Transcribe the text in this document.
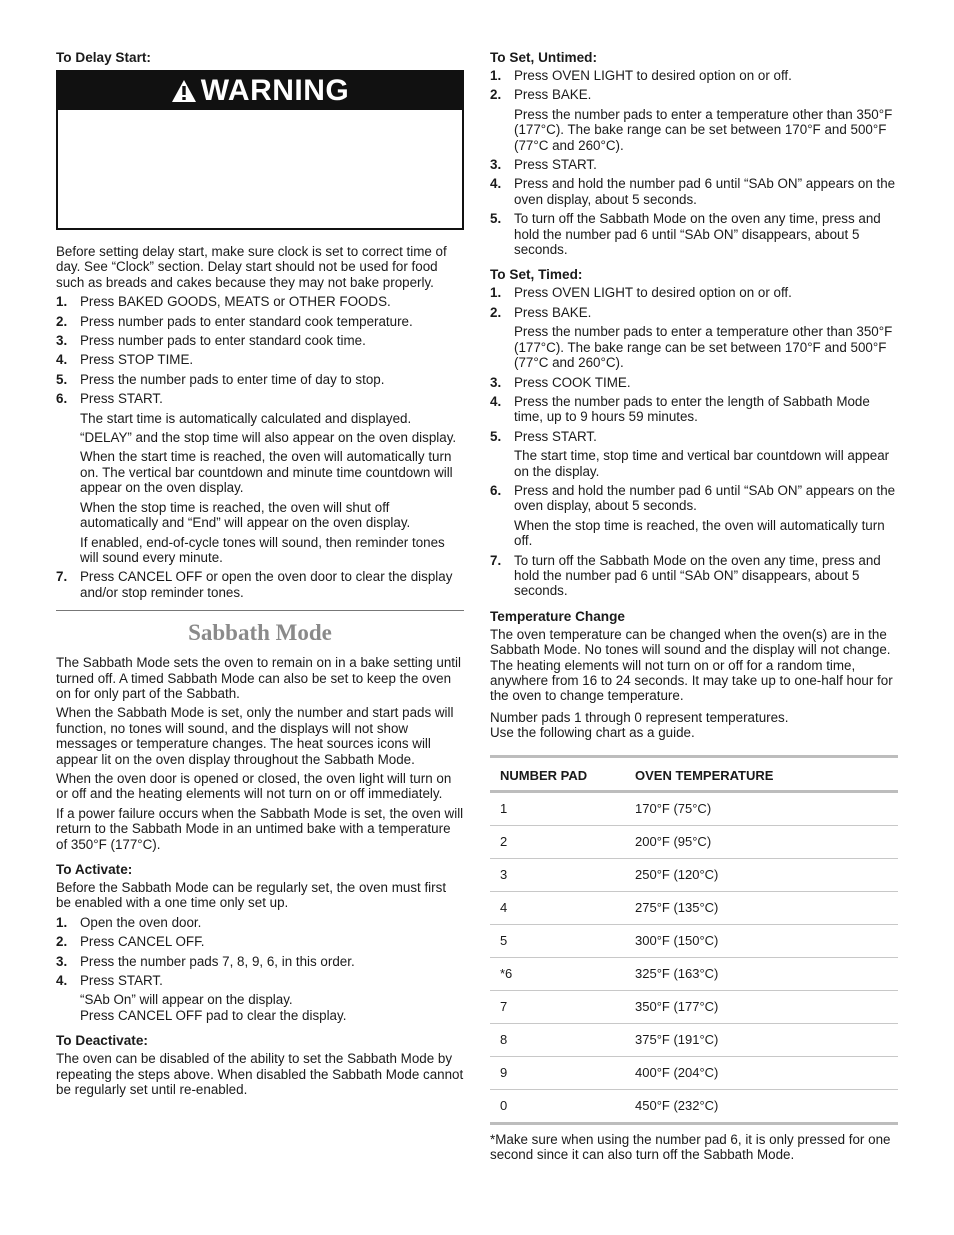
To Delay Start:
WARNING

Before setting delay start, make sure clock is set to correct time of day. See “Clock” section. Delay start should not be used for food such as breads and cakes because they may not bake properly.

1. Press BAKED GOODS, MEATS or OTHER FOODS.
2. Press number pads to enter standard cook temperature.
3. Press number pads to enter standard cook time.
4. Press STOP TIME.
5. Press the number pads to enter time of day to stop.
6. Press START.

The start time is automatically calculated and displayed.

“DELAY” and the stop time will also appear on the oven display.

When the start time is reached, the oven will automatically turn on. The vertical bar countdown and minute time countdown will appear on the oven display.

When the stop time is reached, the oven will shut off automatically and “End” will appear on the oven display.

If enabled, end-of-cycle tones will sound, then reminder tones will sound every minute.

7. Press CANCEL OFF or open the oven door to clear the display and/or stop reminder tones.
Sabbath Mode

The Sabbath Mode sets the oven to remain on in a bake setting until turned off. A timed Sabbath Mode can also be set to keep the oven on for only part of the Sabbath.

When the Sabbath Mode is set, only the number and start pads will function, no tones will sound, and the displays will not show messages or temperature changes. The heat sources icons will appear lit on the oven display throughout the Sabbath Mode.

When the oven door is opened or closed, the oven light will turn on or off and the heating elements will not turn on or off immediately.

If a power failure occurs when the Sabbath Mode is set, the oven will return to the Sabbath Mode in an untimed bake with a temperature of 350°F (177°C).

To Activate:

Before the Sabbath Mode can be regularly set, the oven must first be enabled with a one time only set up.

1. Open the oven door.
2. Press CANCEL OFF.
3. Press the number pads 7, 8, 9, 6, in this order.
4. Press START.

“SAb On” will appear on the display.
Press CANCEL OFF pad to clear the display.

To Deactivate:

The oven can be disabled of the ability to set the Sabbath Mode by repeating the steps above. When disabled the Sabbath Mode cannot be regularly set until re-enabled.

To Set, Untimed:
1. Press OVEN LIGHT to desired option on or off.
2. Press BAKE.

Press the number pads to enter a temperature other than 350°F (177°C). The bake range can be set between 170°F and 500°F (77°C and 260°C).

3. Press START.
4. Press and hold the number pad 6 until “SAb ON” appears on the oven display, about 5 seconds.
5. To turn off the Sabbath Mode on the oven any time, press and hold the number pad 6 until “SAb ON” disappears, about 5 seconds.
To Set, Timed:
1. Press OVEN LIGHT to desired option on or off.
2. Press BAKE.

Press the number pads to enter a temperature other than 350°F (177°C). The bake range can be set between 170°F and 500°F (77°C and 260°C).

3. Press COOK TIME.
4. Press the number pads to enter the length of Sabbath Mode time, up to 9 hours 59 minutes.
5. Press START.

The start time, stop time and vertical bar countdown will appear on the display.

6. Press and hold the number pad 6 until “SAb ON” appears on the oven display, about 5 seconds.

When the stop time is reached, the oven will automatically turn off.

7. To turn off the Sabbath Mode on the oven any time, press and hold the number pad 6 until “SAb ON” disappears, about 5 seconds.
Temperature Change

The oven temperature can be changed when the oven(s) are in the Sabbath Mode. No tones will sound and the display will not change. The heating elements will not turn on or off for a random time, anywhere from 16 to 24 seconds. It may take up to one-half hour for the oven to change temperature.

Number pads 1 through 0 represent temperatures.
Use the following chart as a guide.

NUMBER PAD	OVEN TEMPERATURE
1	170°F (75°C)
2	200°F (95°C)
3	250°F (120°C)
4	275°F (135°C)
5	300°F (150°C)
*6	325°F (163°C)
7	350°F (177°C)
8	375°F (191°C)
9	400°F (204°C)
0	450°F (232°C)

*Make sure when using the number pad 6, it is only pressed for one second since it can also turn off the Sabbath Mode.
